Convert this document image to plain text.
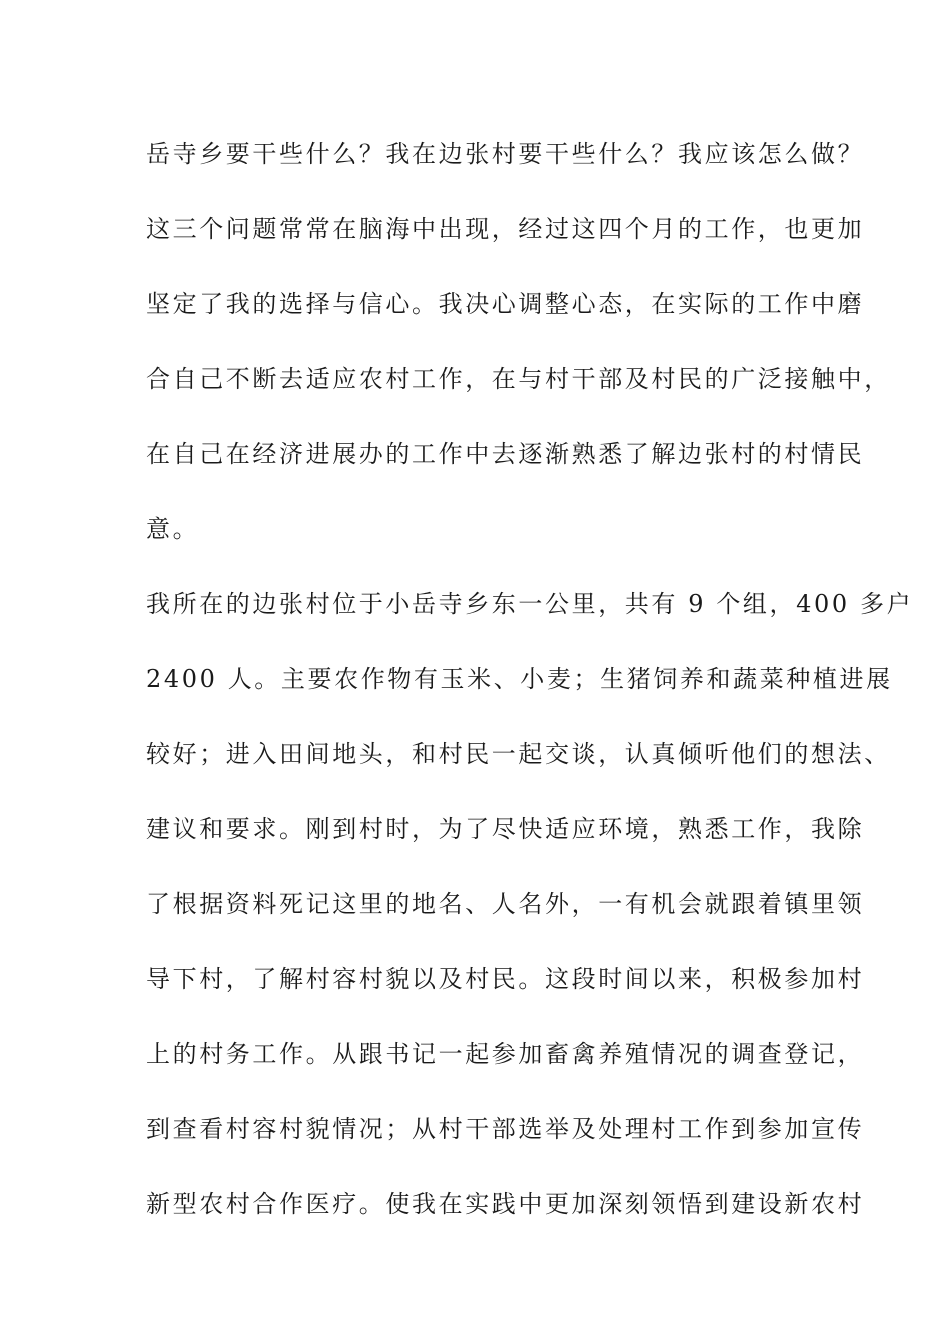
岳寺乡要干些什么？我在边张村要干些什么？我应该怎么做？
这三个问题常常在脑海中出现，经过这四个月的工作，也更加
坚定了我的选择与信心。我决心调整心态，在实际的工作中磨
合自己不断去适应农村工作，在与村干部及村民的广泛接触中，
在自己在经济进展办的工作中去逐渐熟悉了解边张村的村情民
意。
我所在的边张村位于小岳寺乡东一公里，共有 9 个组，400 多户
2400 人。主要农作物有玉米、小麦；生猪饲养和蔬菜种植进展
较好；进入田间地头，和村民一起交谈，认真倾听他们的想法、
建议和要求。刚到村时，为了尽快适应环境，熟悉工作，我除
了根据资料死记这里的地名、人名外，一有机会就跟着镇里领
导下村，了解村容村貌以及村民。这段时间以来，积极参加村
上的村务工作。从跟书记一起参加畜禽养殖情况的调查登记，
到查看村容村貌情况；从村干部选举及处理村工作到参加宣传
新型农村合作医疗。使我在实践中更加深刻领悟到建设新农村
